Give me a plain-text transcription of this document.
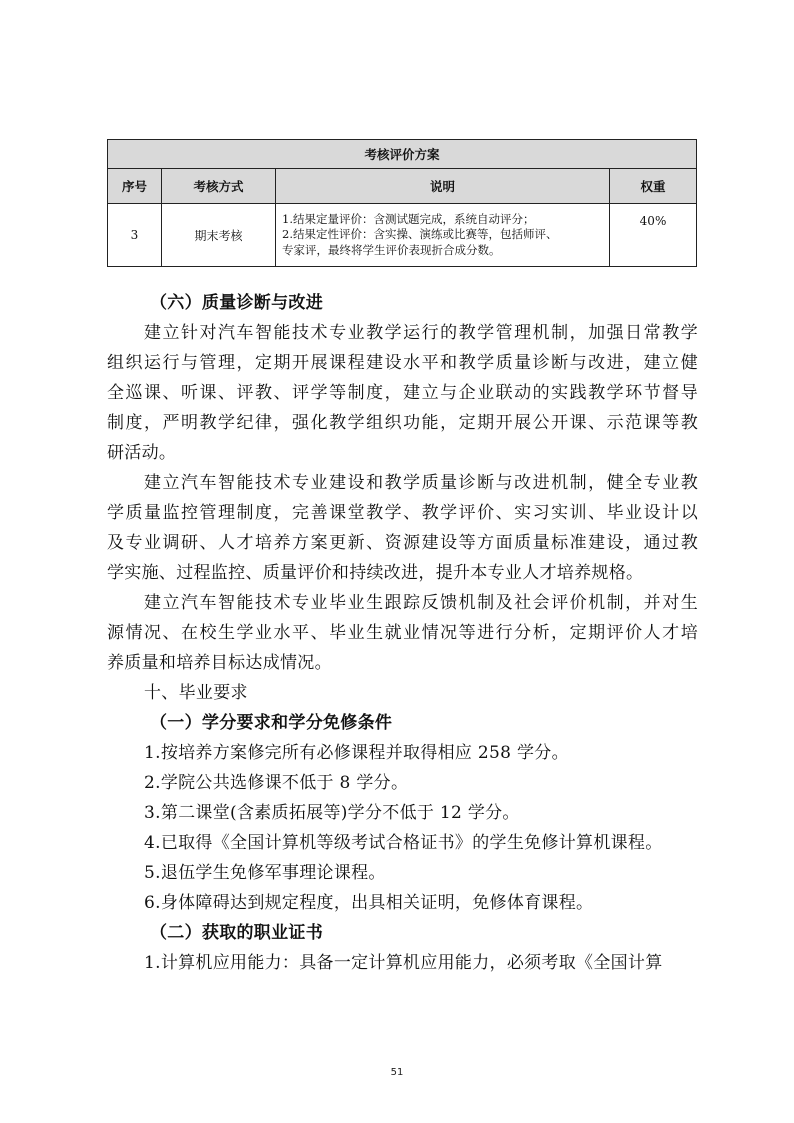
考核评价方案			
序号	考核方式	说明	权重
3	期末考核	1.结果定量评价：含测试题完成，系统自动评分；
2.结果定性评价：含实操、演练或比赛等，包括师评、
专家评，最终将学生评价表现折合成分数。	40%
（六）质量诊断与改进
建立针对汽车智能技术专业教学运行的教学管理机制，加强日常教学
组织运行与管理，定期开展课程建设水平和教学质量诊断与改进，建立健
全巡课、听课、评教、评学等制度，建立与企业联动的实践教学环节督导
制度，严明教学纪律，强化教学组织功能，定期开展公开课、示范课等教
研活动。
建立汽车智能技术专业建设和教学质量诊断与改进机制，健全专业教
学质量监控管理制度，完善课堂教学、教学评价、实习实训、毕业设计以
及专业调研、人才培养方案更新、资源建设等方面质量标准建设，通过教
学实施、过程监控、质量评价和持续改进，提升本专业人才培养规格。
建立汽车智能技术专业毕业生跟踪反馈机制及社会评价机制，并对生
源情况、在校生学业水平、毕业生就业情况等进行分析，定期评价人才培
养质量和培养目标达成情况。
十、毕业要求
（一）学分要求和学分免修条件
1.按培养方案修完所有必修课程并取得相应 258 学分。
2.学院公共选修课不低于 8 学分。
3.第二课堂(含素质拓展等)学分不低于 12 学分。
4.已取得《全国计算机等级考试合格证书》的学生免修计算机课程。
5.退伍学生免修军事理论课程。
6.身体障碍达到规定程度，出具相关证明，免修体育课程。
（二）获取的职业证书
1.计算机应用能力：具备一定计算机应用能力，必须考取《全国计算
51
